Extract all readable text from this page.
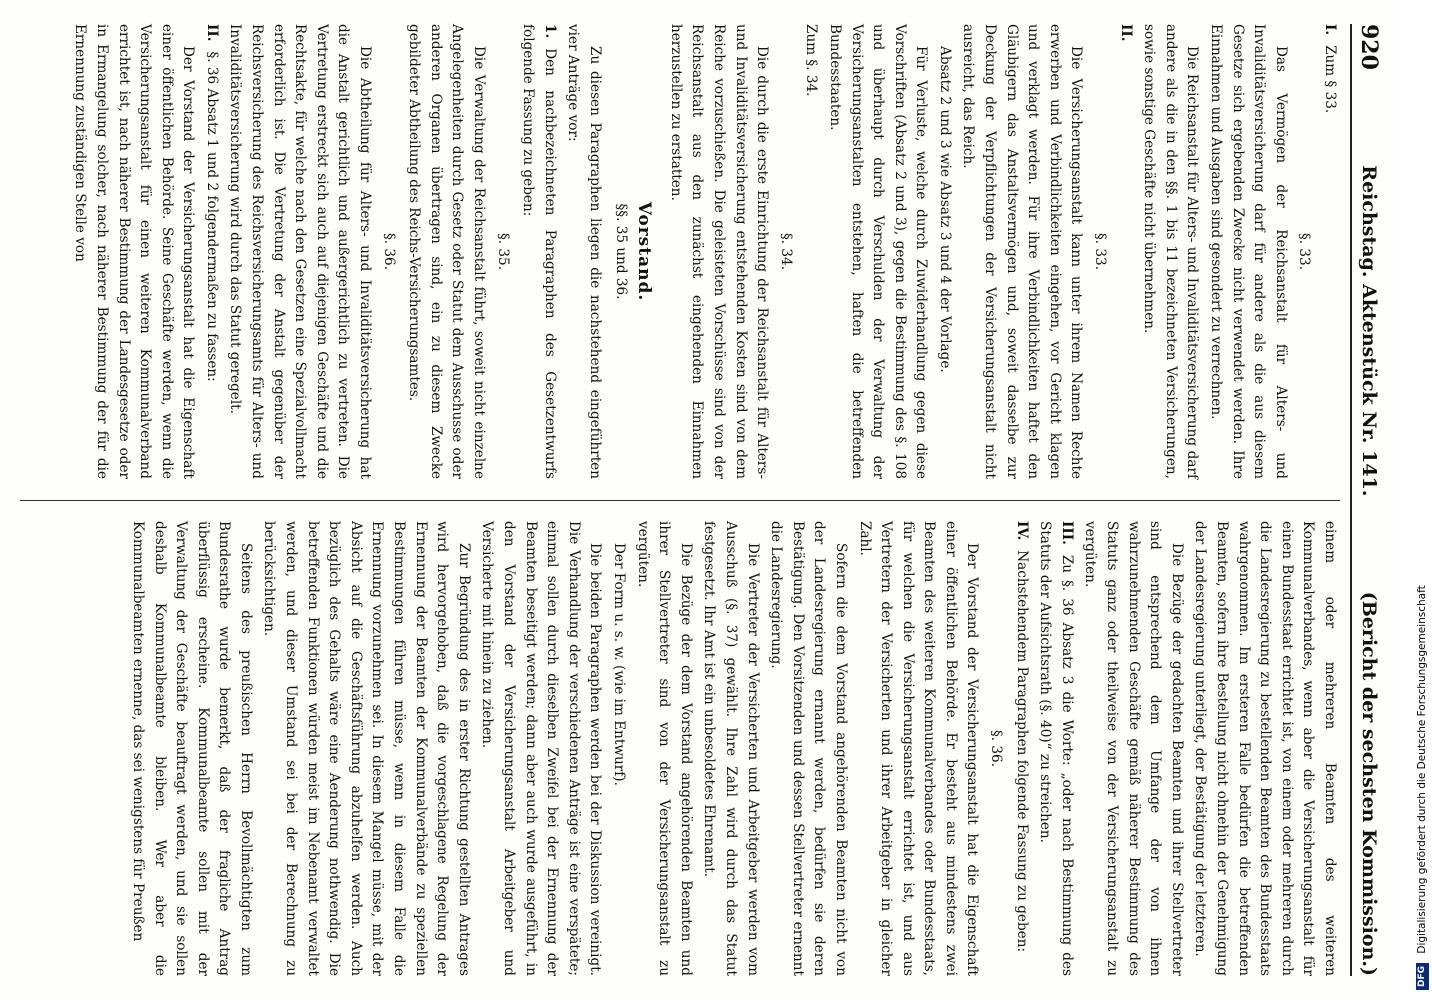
920
Reichstag. Aktenstück Nr. 141.
(Bericht der sechsten Kommission.)

I.Zum § 33.

§. 33.

Das Vermögen der Reichsanstalt für Alters- und Invaliditätsversicherung darf für andere als die aus diesem Gesetze sich ergebenden Zwecke nicht verwendet werden. Ihre Einnahmen und Ausgaben sind gesondert zu verrechnen.

Die Reichsanstalt für Alters- und Invaliditätsversicherung darf andere als die in den §§. 1 bis 11 bezeichneten Versicherungen, sowie sonstige Geschäfte nicht übernehmen.

II.

§. 33.

Die Versicherungsanstalt kann unter ihrem Namen Rechte erwerben und Verbindlichkeiten eingehen, vor Gericht klagen und verklagt werden. Für ihre Verbindlichkeiten haftet den Gläubigern das Anstaltsvermögen und, soweit dasselbe zur Deckung der Verpflichtungen der Versicherungsanstalt nicht ausreicht, das Reich.

Absatz 2 und 3 wie Absatz 3 und 4 der Vorlage.

Für Verluste, welche durch Zuwiderhandlung gegen diese Vorschriften (Absatz 2 und 3), gegen die Bestimmung des §. 108 und überhaupt durch Verschulden der Verwaltung der Versicherungsanstalten entstehen, haften die betreffenden Bundesstaaten.

Zum §. 34.

§. 34.

Die durch die erste Einrichtung der Reichsanstalt für Alters- und Invaliditätsversicherung entstehenden Kosten sind von dem Reiche vorzuschießen. Die geleisteten Vorschüsse sind von der Reichsanstalt aus den zunächst eingehenden Einnahmen herzustellen zu erstatten.

Vorstand.

§§. 35 und 36.

Zu diesen Paragraphen liegen die nachstehend eingeführten vier Anträge vor:

1.Den nachbezeichneten Paragraphen des Gesetzentwurfs folgende Fassung zu geben:

§. 35.

Die Verwaltung der Reichsanstalt führt, soweit nicht einzelne Angelegenheiten durch Gesetz oder Statut dem Ausschusse oder anderen Organen übertragen sind, ein zu diesem Zwecke gebildeter Abtheilung des Reichs-Versicherungsamtes.

§. 36.

Die Abtheilung für Alters- und Invaliditätsversicherung hat die Anstalt gerichtlich und außergerichtlich zu vertreten. Die Vertretung erstreckt sich auch auf diejenigen Geschäfte und die Rechtsakte, für welche nach den Gesetzen eine Spezialvollmacht erforderlich ist. Die Vertretung der Anstalt gegenüber der Reichsversicherung des Reichsversicherungsamts für Alters- und Invaliditätsversicherung wird durch das Statut geregelt.

II.§. 36 Absatz 1 und 2 folgendermaßen zu fassen:

Der Vorstand der Versicherungsanstalt hat die Eigenschaft einer öffentlichen Behörde. Seine Geschäfte werden, wenn die Versicherungsanstalt für einen weiteren Kommunalverband errichtet ist, nach näherer Bestimmung der Landesgesetze oder in Ermangelung solcher, nach näherer Bestimmung der für die Ernennung zuständigen Stelle von

einem oder mehreren Beamten des weiteren Kommunalverbandes, wenn aber die Versicherungsanstalt für einen Bundesstaat errichtet ist, von einem oder mehreren durch die Landesregierung zu bestellenden Beamten des Bundesstaats wahrgenommen. Im ersteren Falle bedürfen die betreffenden Beamten, sofern ihre Bestellung nicht ohnehin der Genehmigung der Landesregierung unterliegt, der Bestätigung der letzteren.

Die Bezüge der gedachten Beamten und ihrer Stellvertreter sind entsprechend dem Umfange der von ihnen wahrzunehmenden Geschäfte gemäß näherer Bestimmung des Statuts ganz oder theilweise von der Versicherungsanstalt zu vergüten.

III.Zu §. 36 Absatz 3 die Worte: „oder nach Bestimmung des Statuts der Aufsichtsrath (§. 40)“ zu streichen.

IV.Nachstehendem Paragraphen folgende Fassung zu geben:

§. 36.

Der Vorstand der Versicherungsanstalt hat die Eigenschaft einer öffentlichen Behörde. Er besteht aus mindestens zwei Beamten des weiteren Kommunalverbandes oder Bundesstaats, für welchen die Versicherungsanstalt errichtet ist, und aus Vertretern der Versicherten und ihrer Arbeitgeber in gleicher Zahl.

Sofern die dem Vorstand angehörenden Beamten nicht von der Landesregierung ernannt werden, bedürfen sie deren Bestätigung. Den Vorsitzenden und dessen Stellvertreter ernennt die Landesregierung.

Die Vertreter der Versicherten und Arbeitgeber werden vom Ausschuß (§. 37) gewählt. Ihre Zahl wird durch das Statut festgesetzt. Ihr Amt ist ein unbesoldetes Ehrenamt.

Die Bezüge der dem Vorstand angehörenden Beamten und ihrer Stellvertreter sind von der Versicherungsanstalt zu vergüten.

Der Form u. s. w. (wie im Entwurf).

Die beiden Paragraphen werden bei der Diskussion vereinigt. Die Verhandlung der verschiedenen Anträge ist eine verspätete; einmal sollen durch dieselben Zweifel bei der Ernennung der Beamten beseitigt werden; dann aber auch wurde ausgeführt, in den Vorstand der Versicherungsanstalt Arbeitgeber und Versicherte mit hinein zu ziehen.

Zur Begründung des in erster Richtung gestellten Antrages wird hervorgehoben, daß die vorgeschlagene Regelung der Ernennung der Beamten der Kommunalverbände zu speziellen Bestimmungen führen müsse, wenn in diesem Falle die Ernennung vorzunehmen sei. In diesem Mangel müsse, mit der Absicht auf die Geschäftsführung abzuhelfen werden. Auch bezüglich des Gehalts wäre eine Aenderung nothwendig. Die betreffenden Funktionen würden meist im Nebenamt verwaltet werden, und dieser Umstand sei bei der Berechnung zu berücksichtigen.

Seitens des preußischen Herrn Bevollmächtigten zum Bundesrathe wurde bemerkt, daß der fragliche Antrag überflüssig erscheine. Kommunalbeamte sollen mit der Verwaltung der Geschäfte beauftragt werden, und sie sollen deshalb Kommunalbeamte bleiben. Wer aber die Kommunalbeamten ernenne, das sei wenigstens für Preußen

DFG Digitalisierung gefördert durch die Deutsche Forschungsgemeinschaft
